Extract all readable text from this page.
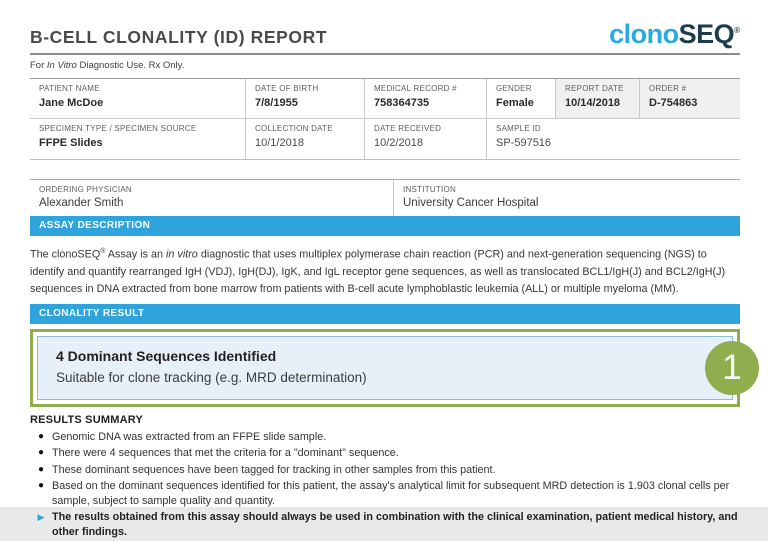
B-CELL CLONALITY (ID) REPORT	clonoSEQ®
For In Vitro Diagnostic Use. Rx Only.
PATIENT NAME
Jane McDoe
DATE OF BIRTH
7/8/1955
MEDICAL RECORD #
758364735
GENDER
Female
REPORT DATE
10/14/2018
ORDER #
D-754863
SPECIMEN TYPE / SPECIMEN SOURCE
FFPE Slides
COLLECTION DATE
10/1/2018
DATE RECEIVED
10/2/2018
SAMPLE ID
SP-597516
ORDERING PHYSICIAN
Alexander Smith
INSTITUTION
University Cancer Hospital
ASSAY DESCRIPTION
The clonoSEQ® Assay is an in vitro diagnostic that uses multiplex polymerase chain reaction (PCR) and next-generation sequencing (NGS) to identify and quantify rearranged IgH (VDJ), IgH(DJ), IgK, and IgL receptor gene sequences, as well as translocated BCL1/IgH(J) and BCL2/IgH(J) sequences in DNA extracted from bone marrow from patients with B-cell acute lymphoblastic leukemia (ALL) or multiple myeloma (MM).
CLONALITY RESULT
4 Dominant Sequences Identified
Suitable for clone tracking (e.g. MRD determination)	1
RESULTS SUMMARY
● Genomic DNA was extracted from an FFPE slide sample.
● There were 4 sequences that met the criteria for a "dominant" sequence.
● These dominant sequences have been tagged for tracking in other samples from this patient.
● Based on the dominant sequences identified for this patient, the assay's analytical limit for subsequent MRD detection is 1.903 clonal cells per sample, subject to sample quality and quantity.
▶ The results obtained from this assay should always be used in combination with the clinical examination, patient medical history, and other findings.
